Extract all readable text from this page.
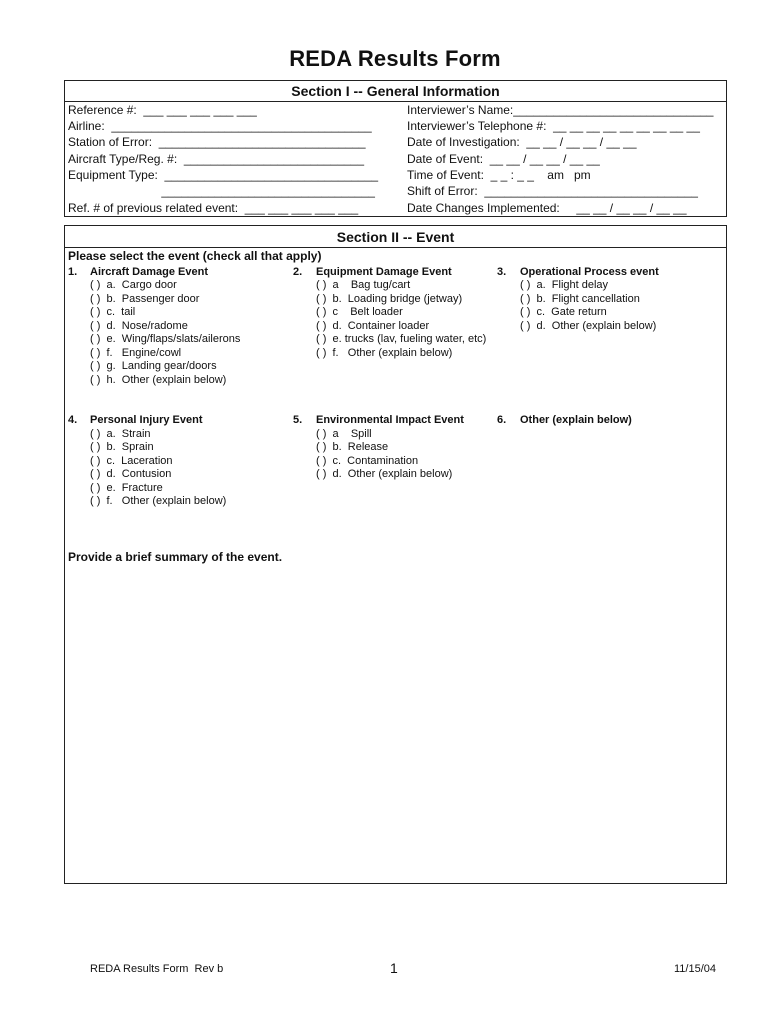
REDA Results Form
Section I -- General Information
Reference #:  ___ ___ ___ ___ ___
Airline:  _______________________________________
Station of Error:  _______________________________
Aircraft Type/Reg. #:  ___________________________
Equipment Type:  ________________________________
________________________________
Ref. # of previous related event:  ___ ___ ___ ___ ___
Interviewer’s Name:______________________________
Interviewer’s Telephone #:  __ __ __ __ __ __ __ __ __
Date of Investigation:  __ __ / __ __ / __ __
Date of Event:  __ __ / __ __ / __ __
Time of Event:  _ _ : _ _    am   pm
Shift of Error:  ________________________________
Date Changes Implemented:     __ __ / __ __ / __ __
Section II -- Event
Please select the event (check all that apply)
1. Aircraft Damage Event
( )  a.  Cargo door
( )  b.  Passenger door
( )  c.  tail
( )  d.  Nose/radome
( )  e.  Wing/flaps/slats/ailerons
( )  f.   Engine/cowl
( )  g.  Landing gear/doors
( )  h.  Other (explain below)
2. Equipment Damage Event
( )  a    Bag tug/cart
( )  b.  Loading bridge (jetway)
( )  c    Belt loader
( )  d.  Container loader
( )  e. trucks (lav, fueling water, etc)
( )  f.   Other (explain below)
3. Operational Process event
( )  a.  Flight delay
( )  b.  Flight cancellation
( )  c.  Gate return
( )  d.  Other (explain below)
4. Personal Injury Event
( )  a.  Strain
( )  b.  Sprain
( )  c.  Laceration
( )  d.  Contusion
( )  e.  Fracture
( )  f.   Other (explain below)
5. Environmental Impact Event
( )  a    Spill
( )  b.  Release
( )  c.  Contamination
( )  d.  Other (explain below)
6. Other (explain below)
Provide a brief summary of the event.
REDA Results Form  Rev b	1	11/15/04
